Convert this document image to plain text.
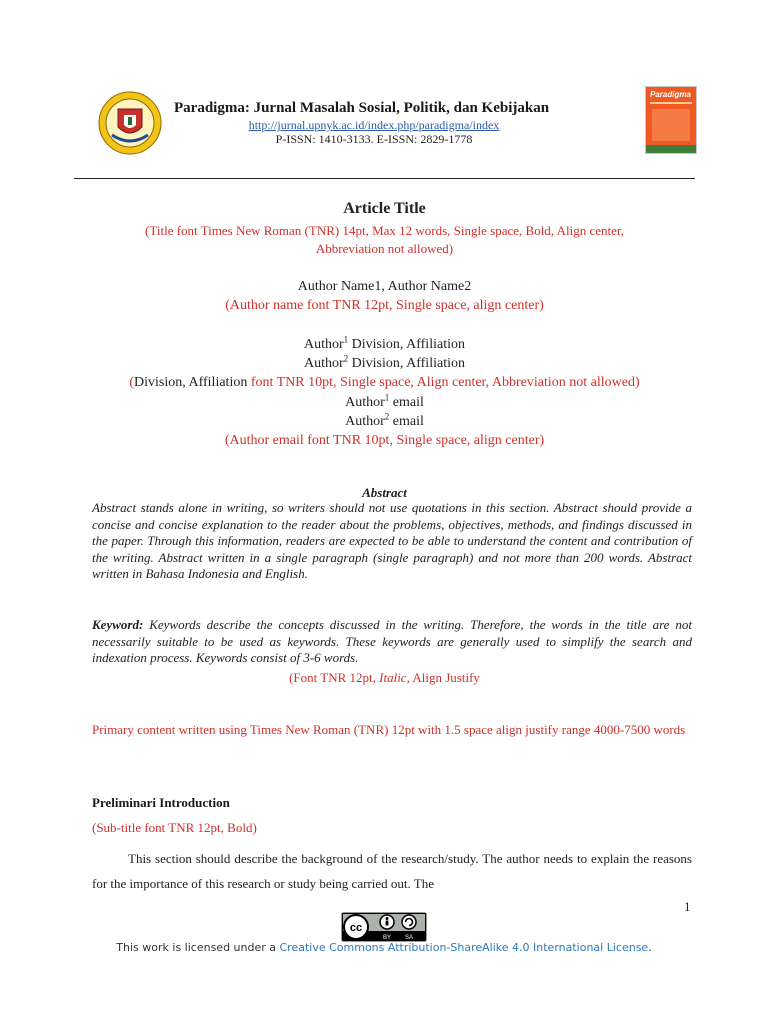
Paradigma: Jurnal Masalah Sosial, Politik, dan Kebijakan
http://jurnal.upnyk.ac.id/index.php/paradigma/index
P-ISSN: 1410-3133. E-ISSN: 2829-1778
Paradigma
Article Title
(Title font Times New Roman (TNR) 14pt, Max 12 words, Single space, Bold, Align center,
Abbreviation not allowed)
Author Name1, Author Name2
(Author name font TNR 12pt, Single space, align center)
Author$^1$ Division, Affiliation
Author$^2$ Division, Affiliation
(Division, Affiliation font TNR 10pt, Single space, Align center, Abbreviation not allowed)
Author$^1$ email
Author$^2$ email
(Author email font TNR 10pt, Single space, align center)
Abstract
Abstract stands alone in writing, so writers should not use quotations in this section. Abstract should provide a concise and concise explanation to the reader about the problems, objectives, methods, and findings discussed in the paper. Through this information, readers are expected to be able to understand the content and contribution of the writing. Abstract written in a single paragraph (single paragraph) and not more than 200 words. Abstract written in Bahasa Indonesia and English.
Keyword: Keywords describe the concepts discussed in the writing. Therefore, the words in the title are not necessarily suitable to be used as keywords. These keywords are generally used to simplify the search and indexation process. Keywords consist of 3-6 words.
(Font TNR 12pt, Italic, Align Justify
Primary content written using Times New Roman (TNR) 12pt with 1.5 space align justify range 4000-7500 words
Preliminari Introduction
(Sub-title font TNR 12pt, Bold)
This section should describe the background of the research/study. The author needs to explain the reasons for the importance of this research or study being carried out. The
1
cc
BY SA
This work is licensed under a Creative Commons Attribution-ShareAlike 4.0 International License.
